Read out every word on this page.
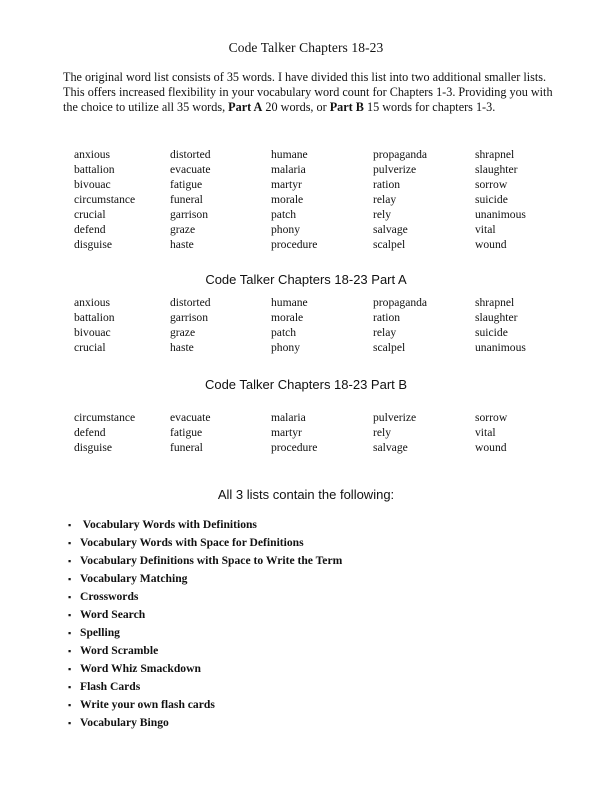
Code Talker Chapters 18-23
The original word list consists of 35 words. I have divided this list into two additional smaller lists. This offers increased flexibility in your vocabulary word count for Chapters 1-3. Providing you with the choice to utilize all 35 words, Part A 20 words, or Part B 15 words for chapters 1-3.
anxious	distorted	humane	propaganda	shrapnel
battalion	evacuate	malaria	pulverize	slaughter
bivouac	fatigue	martyr	ration	sorrow
circumstance	funeral	morale	relay	suicide
crucial	garrison	patch	rely	unanimous
defend	graze	phony	salvage	vital
disguise	haste	procedure	scalpel	wound
Code Talker Chapters 18-23 Part A
anxious	distorted	humane	propaganda	shrapnel
battalion	garrison	morale	ration	slaughter
bivouac	graze	patch	relay	suicide
crucial	haste	phony	scalpel	unanimous
Code Talker Chapters 18-23 Part B
circumstance	evacuate	malaria	pulverize	sorrow
defend	fatigue	martyr	rely	vital
disguise	funeral	procedure	salvage	wound
All 3 lists contain the following:
▪ Vocabulary Words with Definitions
▪ Vocabulary Words with Space for Definitions
▪ Vocabulary Definitions with Space to Write the Term
▪ Vocabulary Matching
▪ Crosswords
▪ Word Search
▪ Spelling
▪ Word Scramble
▪ Word Whiz Smackdown
▪ Flash Cards
▪ Write your own flash cards
▪ Vocabulary Bingo
